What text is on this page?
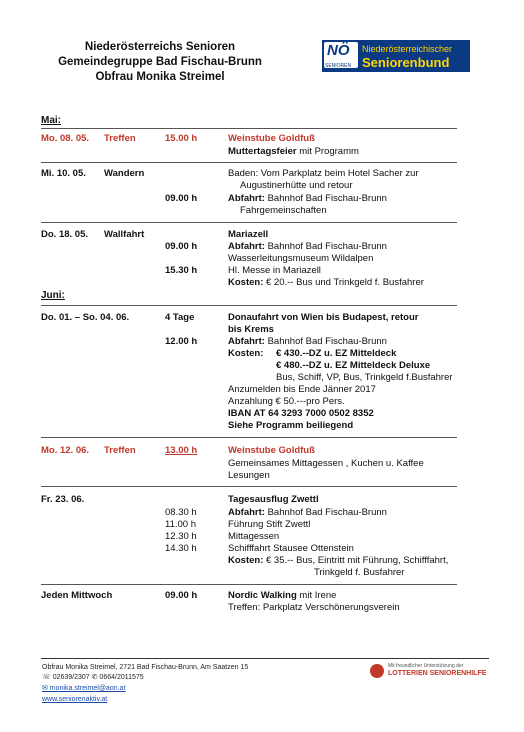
Niederösterreichs Senioren
Gemeindegruppe Bad Fischau-Brunn
Obfrau Monika Streimel
NÖ
SENIOREN
Niederösterreichischer
Seniorenbund
Mai:
Mo. 08. 05. Treffen	15.00 h	Weinstube Goldfuß
Muttertagsfeier mit Programm
Mi. 10. 05. Wandern	Baden: Vom Parkplatz beim Hotel Sacher zur
Augustinerhütte und retour
09.00 h	Abfahrt: Bahnhof Bad Fischau-Brunn
Fahrgemeinschaften
Do. 18. 05. Wallfahrt	Mariazell
09.00 h	Abfahrt: Bahnhof Bad Fischau-Brunn
Wasserleitungsmuseum Wildalpen
15.30 h	Hl. Messe in Mariazell
Kosten: € 20.-- Bus und Trinkgeld f. Busfahrer
Juni:
Do. 01. – So. 04. 06.	4 Tage	Donaufahrt von Wien bis Budapest, retour
bis Krems
12.00 h	Abfahrt: Bahnhof Bad Fischau-Brunn
Kosten: € 430.--DZ u. EZ Mitteldeck
€ 480.--DZ u. EZ Mitteldeck Deluxe
Bus, Schiff, VP, Bus, Trinkgeld f.Busfahrer
Anzumelden bis Ende Jänner 2017
Anzahlung € 50.---pro Pers.
IBAN AT 64 3293 7000 0502 8352
Siehe Programm beiliegend
Mo. 12. 06. Treffen	13.00 h	Weinstube Goldfuß
Gemeinsames Mittagessen , Kuchen u. Kaffee
Lesungen
Fr. 23. 06.	Tagesausflug Zwettl
08.30 h	Abfahrt: Bahnhof Bad Fischau-Brunn
11.00 h	Führung Stift Zwettl
12.30 h	Mittagessen
14.30 h	Schifffahrt Stausee Ottenstein
Kosten: € 35.-- Bus, Eintritt mit Führung, Schifffahrt,
Trinkgeld f. Busfahrer
Jeden Mittwoch	09.00 h	Nordic Walking mit Irene
Treffen: Parkplatz Verschönerungsverein
Obfrau Monika Streimel, 2721 Bad Fischau-Brunn, Am Saatzen 15
☏ 02639/2307 ✆ 0664/2011575
✉ monika.streimel@aon.at
www.seniorenaktiv.at
Mit freundlicher Unterstützung der
LOTTERIEN SENIORENHILFE
